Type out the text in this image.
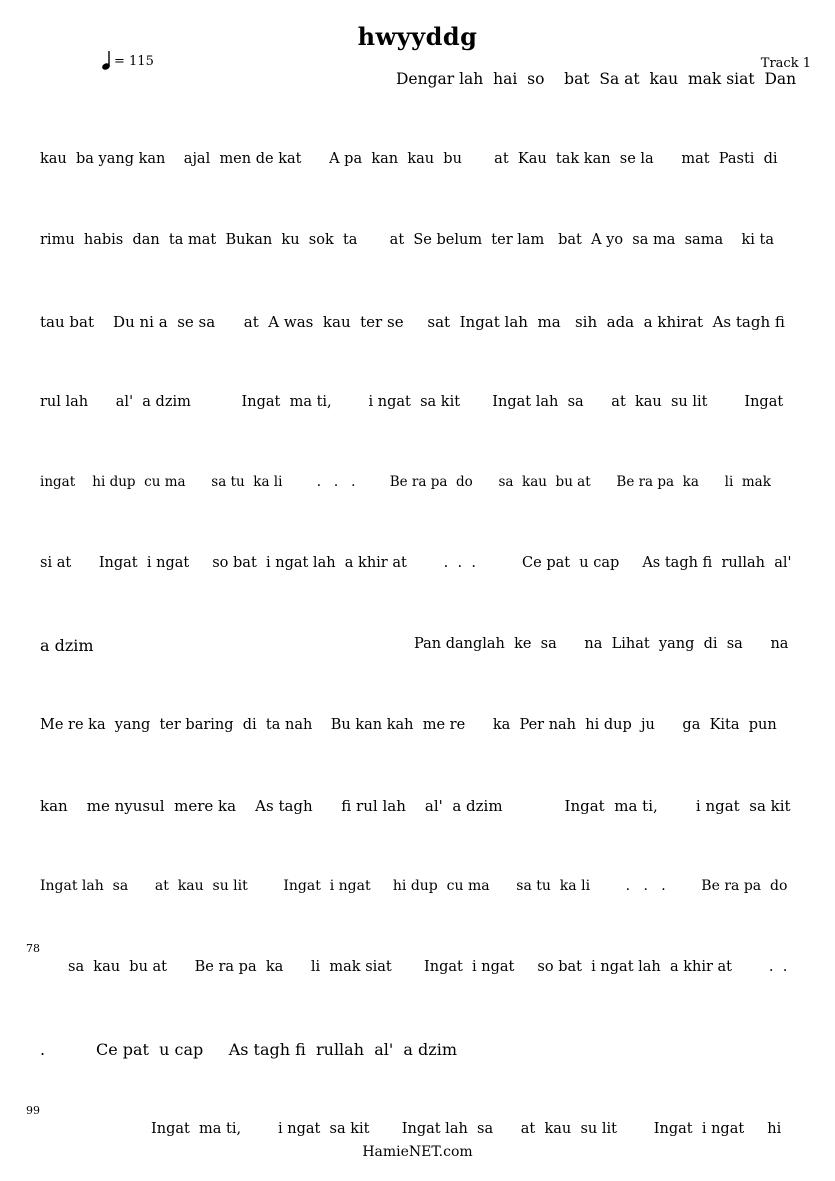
hwyyddg
= 115	Track 1
Dengar lah  hai  so    bat  Sa at  kau  mak siat  Dan
kau  ba yang kan    ajal  men de kat      A pa  kan  kau  bu       at  Kau  tak kan  se la      mat  Pasti  di
rimu  habis  dan  ta mat  Bukan  ku  sok  ta       at  Se belum  ter lam   bat  A yo  sa ma  sama    ki ta
tau bat    Du ni a  se sa      at  A was  kau  ter se     sat  Ingat lah  ma   sih  ada  a khirat  As tagh fi
rul lah      al'  a dzim           Ingat  ma ti,        i ngat  sa kit       Ingat lah  sa      at  kau  su lit        Ingat
ingat    hi dup  cu ma      sa tu  ka li        .   .   .        Be ra pa  do      sa  kau  bu at      Be ra pa  ka      li  mak
si at      Ingat  i ngat     so bat  i ngat lah  a khir at        .  .  .          Ce pat  u cap     As tagh fi  rullah  al'
a dzim	Pan danglah  ke  sa      na  Lihat  yang  di  sa      na
Me re ka  yang  ter baring  di  ta nah    Bu kan kah  me re      ka  Per nah  hi dup  ju      ga  Kita  pun
kan    me nyusul  mere ka    As tagh      fi rul lah    al'  a dzim             Ingat  ma ti,        i ngat  sa kit
Ingat lah  sa      at  kau  su lit        Ingat  i ngat     hi dup  cu ma      sa tu  ka li        .   .   .        Be ra pa  do
78
sa  kau  bu at      Be ra pa  ka      li  mak siat       Ingat  i ngat     so bat  i ngat lah  a khir at        .  .
.          Ce pat  u cap     As tagh fi  rullah  al'  a dzim
99
Ingat  ma ti,        i ngat  sa kit       Ingat lah  sa      at  kau  su lit        Ingat  i ngat     hi
HamieNET.com
